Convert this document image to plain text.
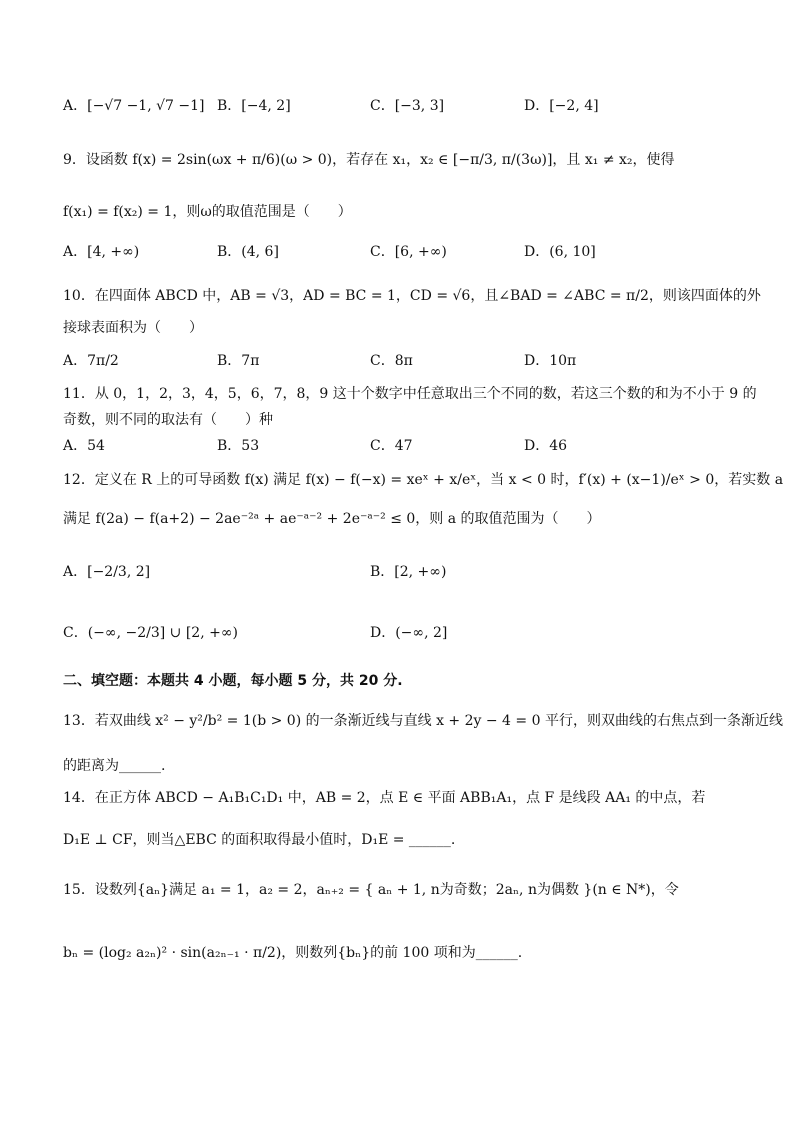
A．[−√7 −1, √7 −1] B．[−4, 2]	C．[−3, 3]	D．[−2, 4]
9．设函数 f(x) = 2sin(ωx + π/6)(ω > 0)，若存在 x₁，x₂ ∈ [−π/3, π/(3ω)]，且 x₁ ≠ x₂，使得
f(x₁) = f(x₂) = 1，则ω的取值范围是（　　）
A．[4, +∞)	B．(4, 6]	C．[6, +∞)	D．(6, 10]
10．在四面体 ABCD 中，AB = √3，AD = BC = 1，CD = √6，且∠BAD = ∠ABC = π/2，则该四面体的外
接球表面积为（　　）
A．7π/2	B．7π	C．8π	D．10π
11．从 0，1，2，3，4，5，6，7，8，9 这十个数字中任意取出三个不同的数，若这三个数的和为不小于 9 的
奇数，则不同的取法有（　　）种
A．54	B．53	C．47	D．46
12．定义在 R 上的可导函数 f(x) 满足 f(x) − f(−x) = xeˣ + x/eˣ，当 x < 0 时，f′(x) + (x−1)/eˣ > 0，若实数 a
满足 f(2a) − f(a+2) − 2ae⁻²ᵃ + ae⁻ᵃ⁻² + 2e⁻ᵃ⁻² ≤ 0，则 a 的取值范围为（　　）
A．[−2/3, 2]	B．[2, +∞)
C．(−∞, −2/3] ∪ [2, +∞)	D．(−∞, 2]
二、填空题：本题共 4 小题，每小题 5 分，共 20 分.
13．若双曲线 x² − y²/b² = 1(b > 0) 的一条渐近线与直线 x + 2y − 4 = 0 平行，则双曲线的右焦点到一条渐近线
的距离为______.
14．在正方体 ABCD − A₁B₁C₁D₁ 中，AB = 2，点 E ∈ 平面 ABB₁A₁，点 F 是线段 AA₁ 的中点，若
D₁E ⊥ CF，则当△EBC 的面积取得最小值时，D₁E = ______.
15．设数列{aₙ}满足 a₁ = 1，a₂ = 2，aₙ₊₂ = { aₙ + 1, n为奇数；2aₙ, n为偶数 }(n ∈ N*)，令
bₙ = (log₂ a₂ₙ)² · sin(a₂ₙ₋₁ · π/2)，则数列{bₙ}的前 100 项和为______.
